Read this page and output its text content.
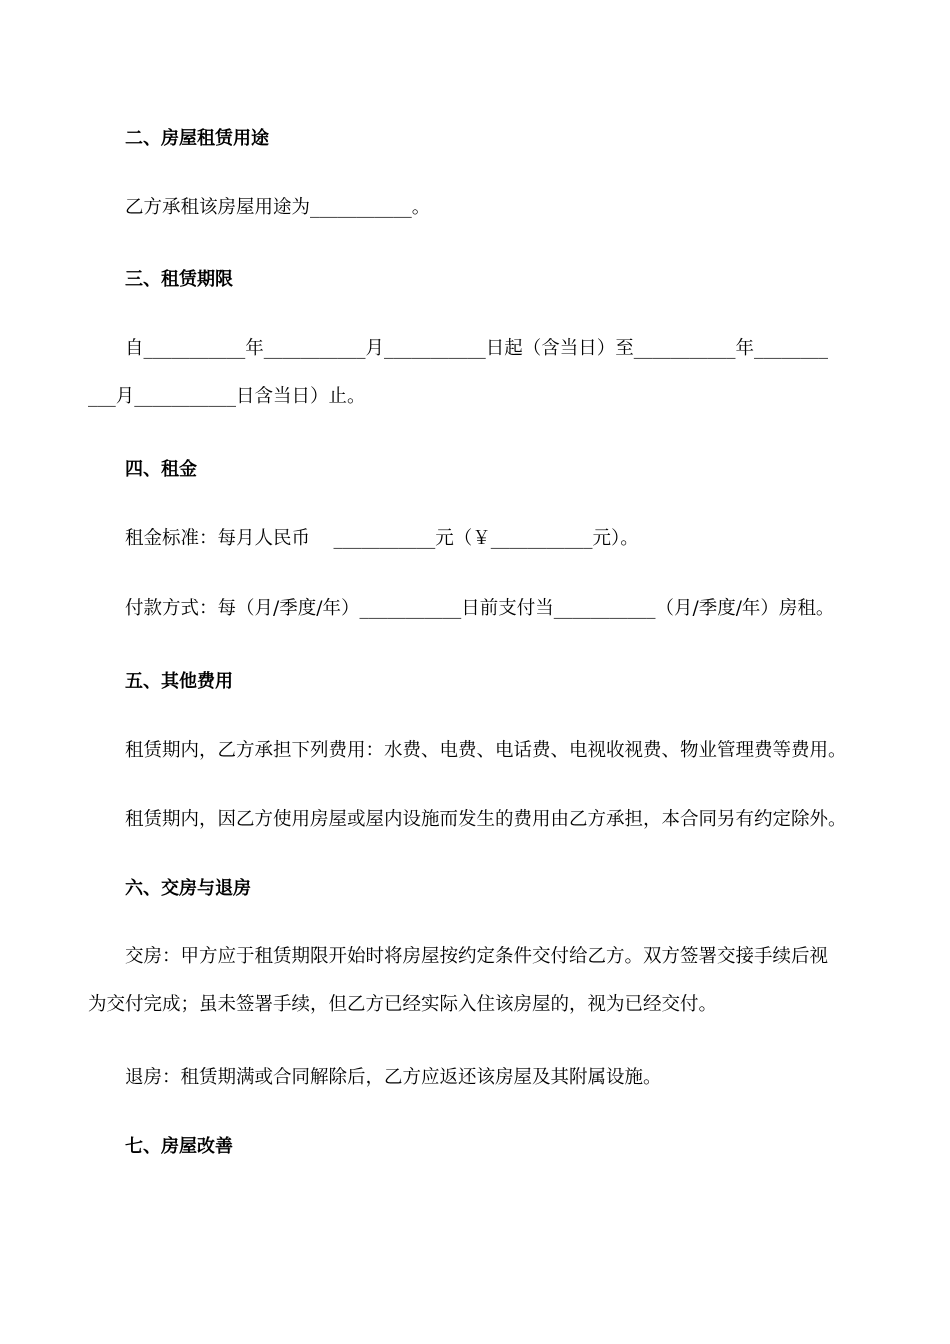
二、房屋租赁用途
乙方承租该房屋用途为___________。
三、租赁期限
自___________年___________月___________日起（含当日）至___________年________
___月___________日含当日）止。
四、租金
租金标准：每月人民币    ___________元（￥___________元）。
付款方式：每（月/季度/年）___________日前支付当___________（月/季度/年）房租。
五、其他费用
租赁期内，乙方承担下列费用：水费、电费、电话费、电视收视费、物业管理费等费用。
租赁期内，因乙方使用房屋或屋内设施而发生的费用由乙方承担，本合同另有约定除外。
六、交房与退房
交房：甲方应于租赁期限开始时将房屋按约定条件交付给乙方。双方签署交接手续后视
为交付完成；虽未签署手续，但乙方已经实际入住该房屋的，视为已经交付。
退房：租赁期满或合同解除后，乙方应返还该房屋及其附属设施。
七、房屋改善
